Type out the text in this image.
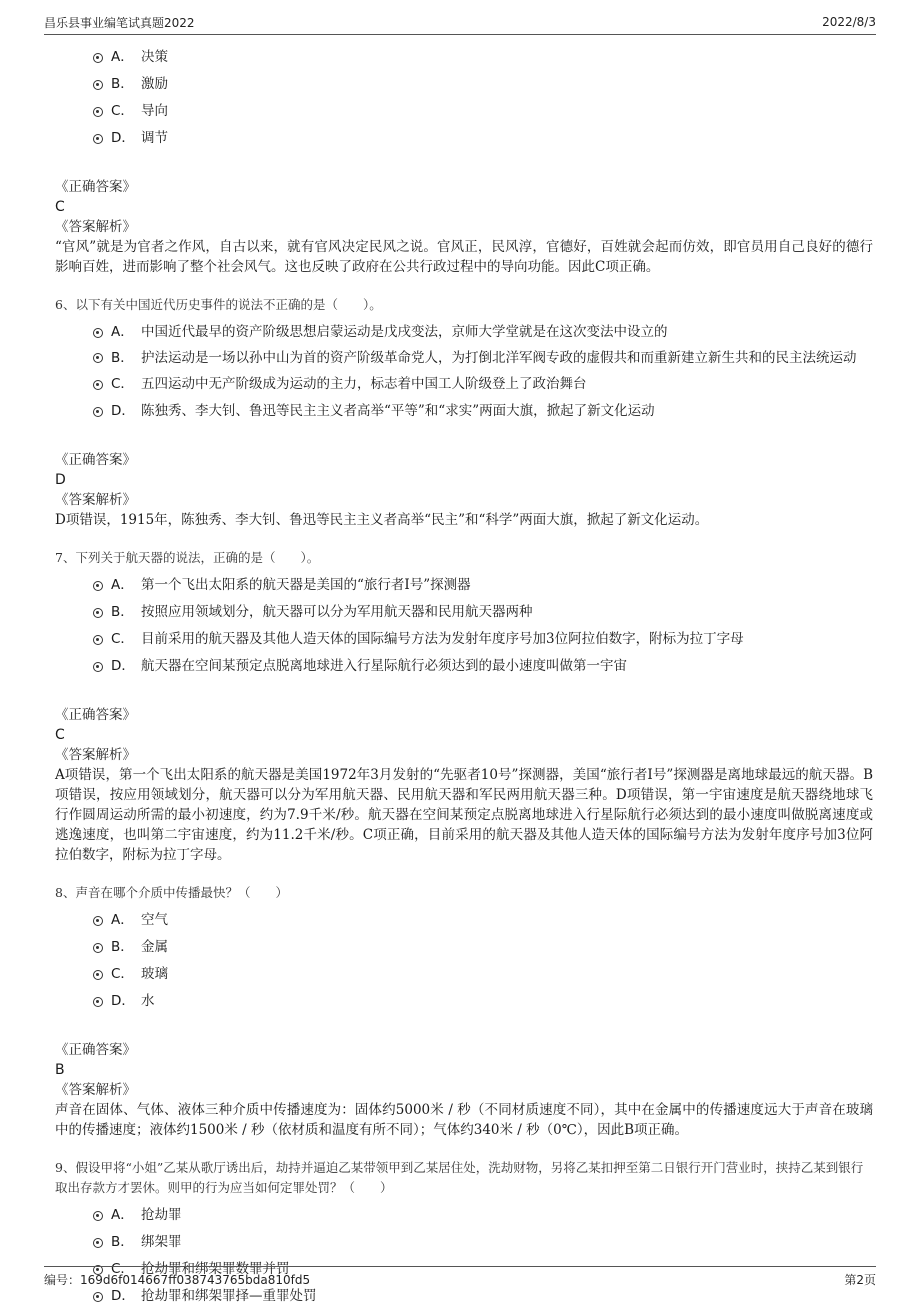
昌乐县事业编笔试真题2022	2022/8/3
A． 决策
B． 激励
C． 导向
D． 调节
《正确答案》
C
《答案解析》
“官风”就是为官者之作风，自古以来，就有官风决定民风之说。官风正，民风淳，官德好，百姓就会起而仿效，即官员用自己良好的德行影响百姓，进而影响了整个社会风气。这也反映了政府在公共行政过程中的导向功能。因此C项正确。
6、以下有关中国近代历史事件的说法不正确的是（　　）。
A． 中国近代最早的资产阶级思想启蒙运动是戊戌变法，京师大学堂就是在这次变法中设立的
B． 护法运动是一场以孙中山为首的资产阶级革命党人，为打倒北洋军阀专政的虚假共和而重新建立新生共和的民主法统运动
C． 五四运动中无产阶级成为运动的主力，标志着中国工人阶级登上了政治舞台
D． 陈独秀、李大钊、鲁迅等民主主义者高举“平等”和“求实”两面大旗，掀起了新文化运动
《正确答案》
D
《答案解析》
D项错误，1915年，陈独秀、李大钊、鲁迅等民主主义者高举“民主”和“科学”两面大旗，掀起了新文化运动。
7、下列关于航天器的说法，正确的是（　　）。
A． 第一个飞出太阳系的航天器是美国的“旅行者I号”探测器
B． 按照应用领域划分，航天器可以分为军用航天器和民用航天器两种
C． 目前采用的航天器及其他人造天体的国际编号方法为发射年度序号加3位阿拉伯数字，附标为拉丁字母
D． 航天器在空间某预定点脱离地球进入行星际航行必须达到的最小速度叫做第一宇宙
《正确答案》
C
《答案解析》
A项错误，第一个飞出太阳系的航天器是美国1972年3月发射的“先驱者10号”探测器，美国“旅行者I号”探测器是离地球最远的航天器。B项错误，按应用领域划分，航天器可以分为军用航天器、民用航天器和军民两用航天器三种。D项错误，第一宇宙速度是航天器绕地球飞行作圆周运动所需的最小初速度，约为7.9千米/秒。航天器在空间某预定点脱离地球进入行星际航行必须达到的最小速度叫做脱离速度或逃逸速度，也叫第二宇宙速度，约为11.2千米/秒。C项正确，目前采用的航天器及其他人造天体的国际编号方法为发射年度序号加3位阿拉伯数字，附标为拉丁字母。
8、声音在哪个介质中传播最快？（　　）
A． 空气
B． 金属
C． 玻璃
D． 水
《正确答案》
B
《答案解析》
声音在固体、气体、液体三种介质中传播速度为：固体约5000米 / 秒（不同材质速度不同），其中在金属中的传播速度远大于声音在玻璃中的传播速度；液体约1500米 / 秒（依材质和温度有所不同）；气体约340米 / 秒（0℃），因此B项正确。
9、假设甲将“小姐”乙某从歌厅诱出后，劫持并逼迫乙某带领甲到乙某居住处，洗劫财物，另将乙某扣押至第二日银行开门营业时，挟持乙某到银行取出存款方才罢休。则甲的行为应当如何定罪处罚？（　　）
A． 抢劫罪
B． 绑架罪
C． 抢劫罪和绑架罪数罪并罚
D． 抢劫罪和绑架罪择—重罪处罚
编号：169d6f014667ff038743765bda810fd5	第2页
